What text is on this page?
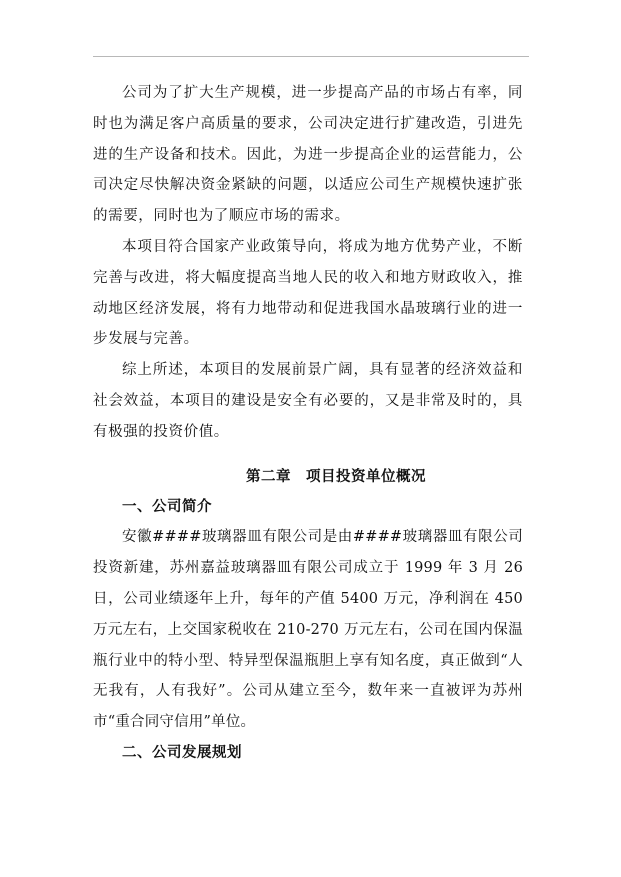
公司为了扩大生产规模，进一步提高产品的市场占有率，同时也为满足客户高质量的要求，公司决定进行扩建改造，引进先进的生产设备和技术。因此，为进一步提高企业的运营能力，公司决定尽快解决资金紧缺的问题，以适应公司生产规模快速扩张的需要，同时也为了顺应市场的需求。

本项目符合国家产业政策导向，将成为地方优势产业，不断完善与改进，将大幅度提高当地人民的收入和地方财政收入，推动地区经济发展，将有力地带动和促进我国水晶玻璃行业的进一步发展与完善。

综上所述，本项目的发展前景广阔，具有显著的经济效益和社会效益，本项目的建设是安全有必要的，又是非常及时的，具有极强的投资价值。

第二章　项目投资单位概况
一、公司简介

安徽####玻璃器皿有限公司是由####玻璃器皿有限公司投资新建，苏州嘉益玻璃器皿有限公司成立于 1999 年 3 月 26 日，公司业绩逐年上升，每年的产值 5400 万元，净利润在 450 万元左右，上交国家税收在 210-270 万元左右，公司在国内保温瓶行业中的特小型、特异型保温瓶胆上享有知名度，真正做到“人无我有，人有我好”。公司从建立至今，数年来一直被评为苏州市“重合同守信用”单位。

二、公司发展规划
